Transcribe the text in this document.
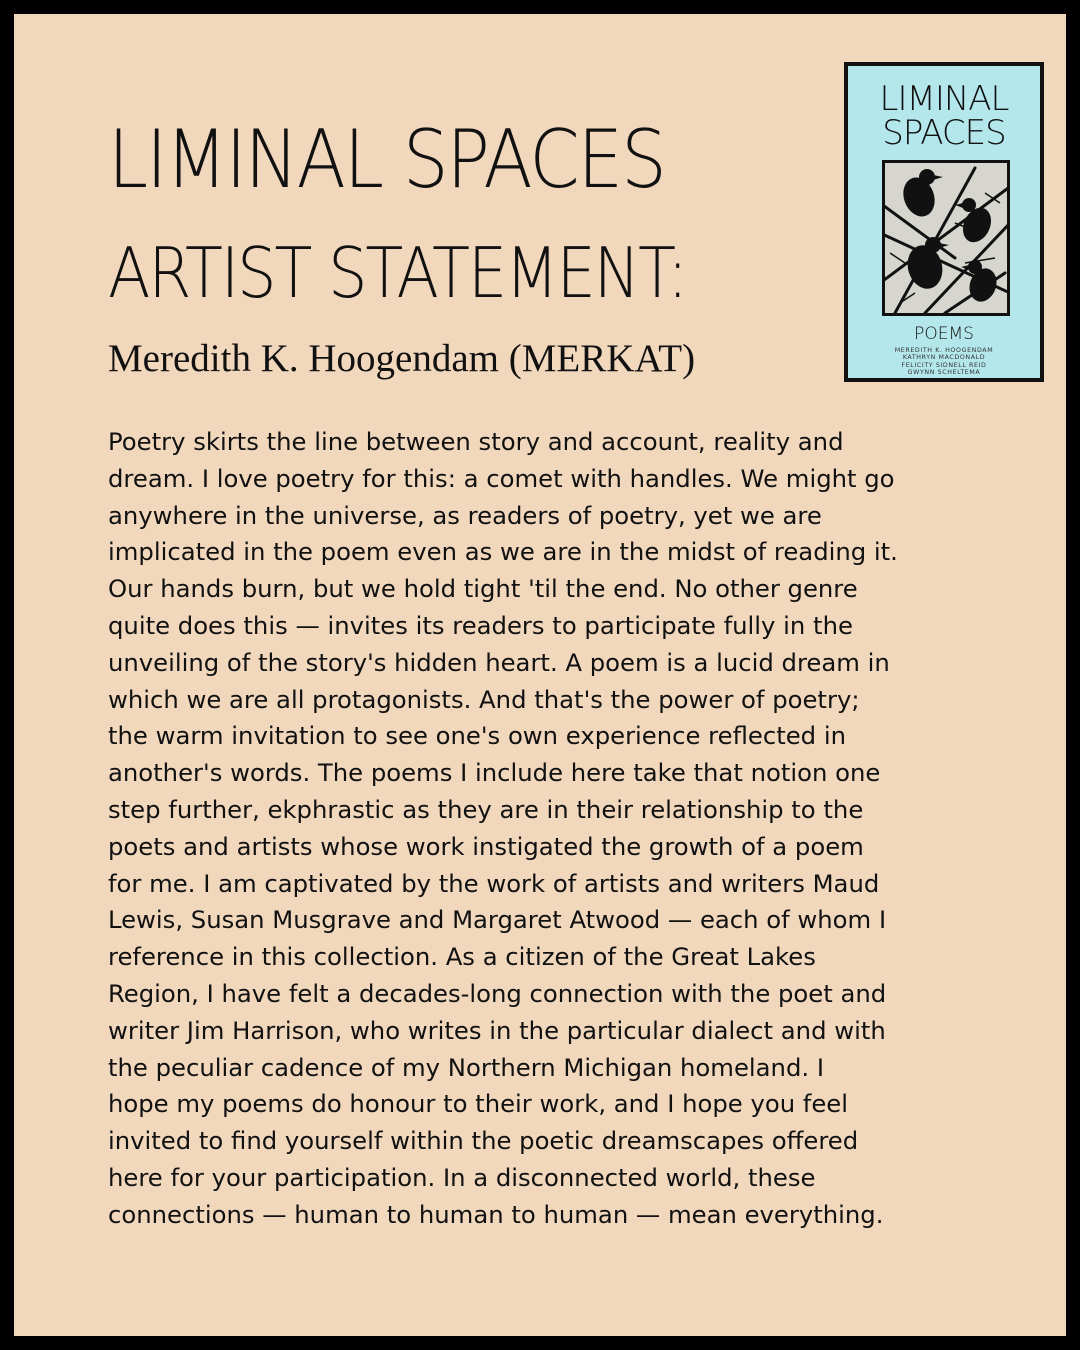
LIMINAL SPACES
ARTIST STATEMENT:
Meredith K. Hoogendam (MERKAT)
LIMINAL
SPACES
POEMS
MEREDITH K. HOOGENDAM
KATHRYN MACDONALD
FELICITY SIDNELL REID
GWYNN SCHELTEMA
Poetry skirts the line between story and account, reality and
dream. I love poetry for this: a comet with handles. We might go
anywhere in the universe, as readers of poetry, yet we are
implicated in the poem even as we are in the midst of reading it.
Our hands burn, but we hold tight 'til the end. No other genre
quite does this — invites its readers to participate fully in the
unveiling of the story's hidden heart. A poem is a lucid dream in
which we are all protagonists. And that's the power of poetry;
the warm invitation to see one's own experience reflected in
another's words. The poems I include here take that notion one
step further, ekphrastic as they are in their relationship to the
poets and artists whose work instigated the growth of a poem
for me. I am captivated by the work of artists and writers Maud
Lewis, Susan Musgrave and Margaret Atwood — each of whom I
reference in this collection. As a citizen of the Great Lakes
Region, I have felt a decades-long connection with the poet and
writer Jim Harrison, who writes in the particular dialect and with
the peculiar cadence of my Northern Michigan homeland. I
hope my poems do honour to their work, and I hope you feel
invited to find yourself within the poetic dreamscapes offered
here for your participation. In a disconnected world, these
connections — human to human to human — mean everything.
